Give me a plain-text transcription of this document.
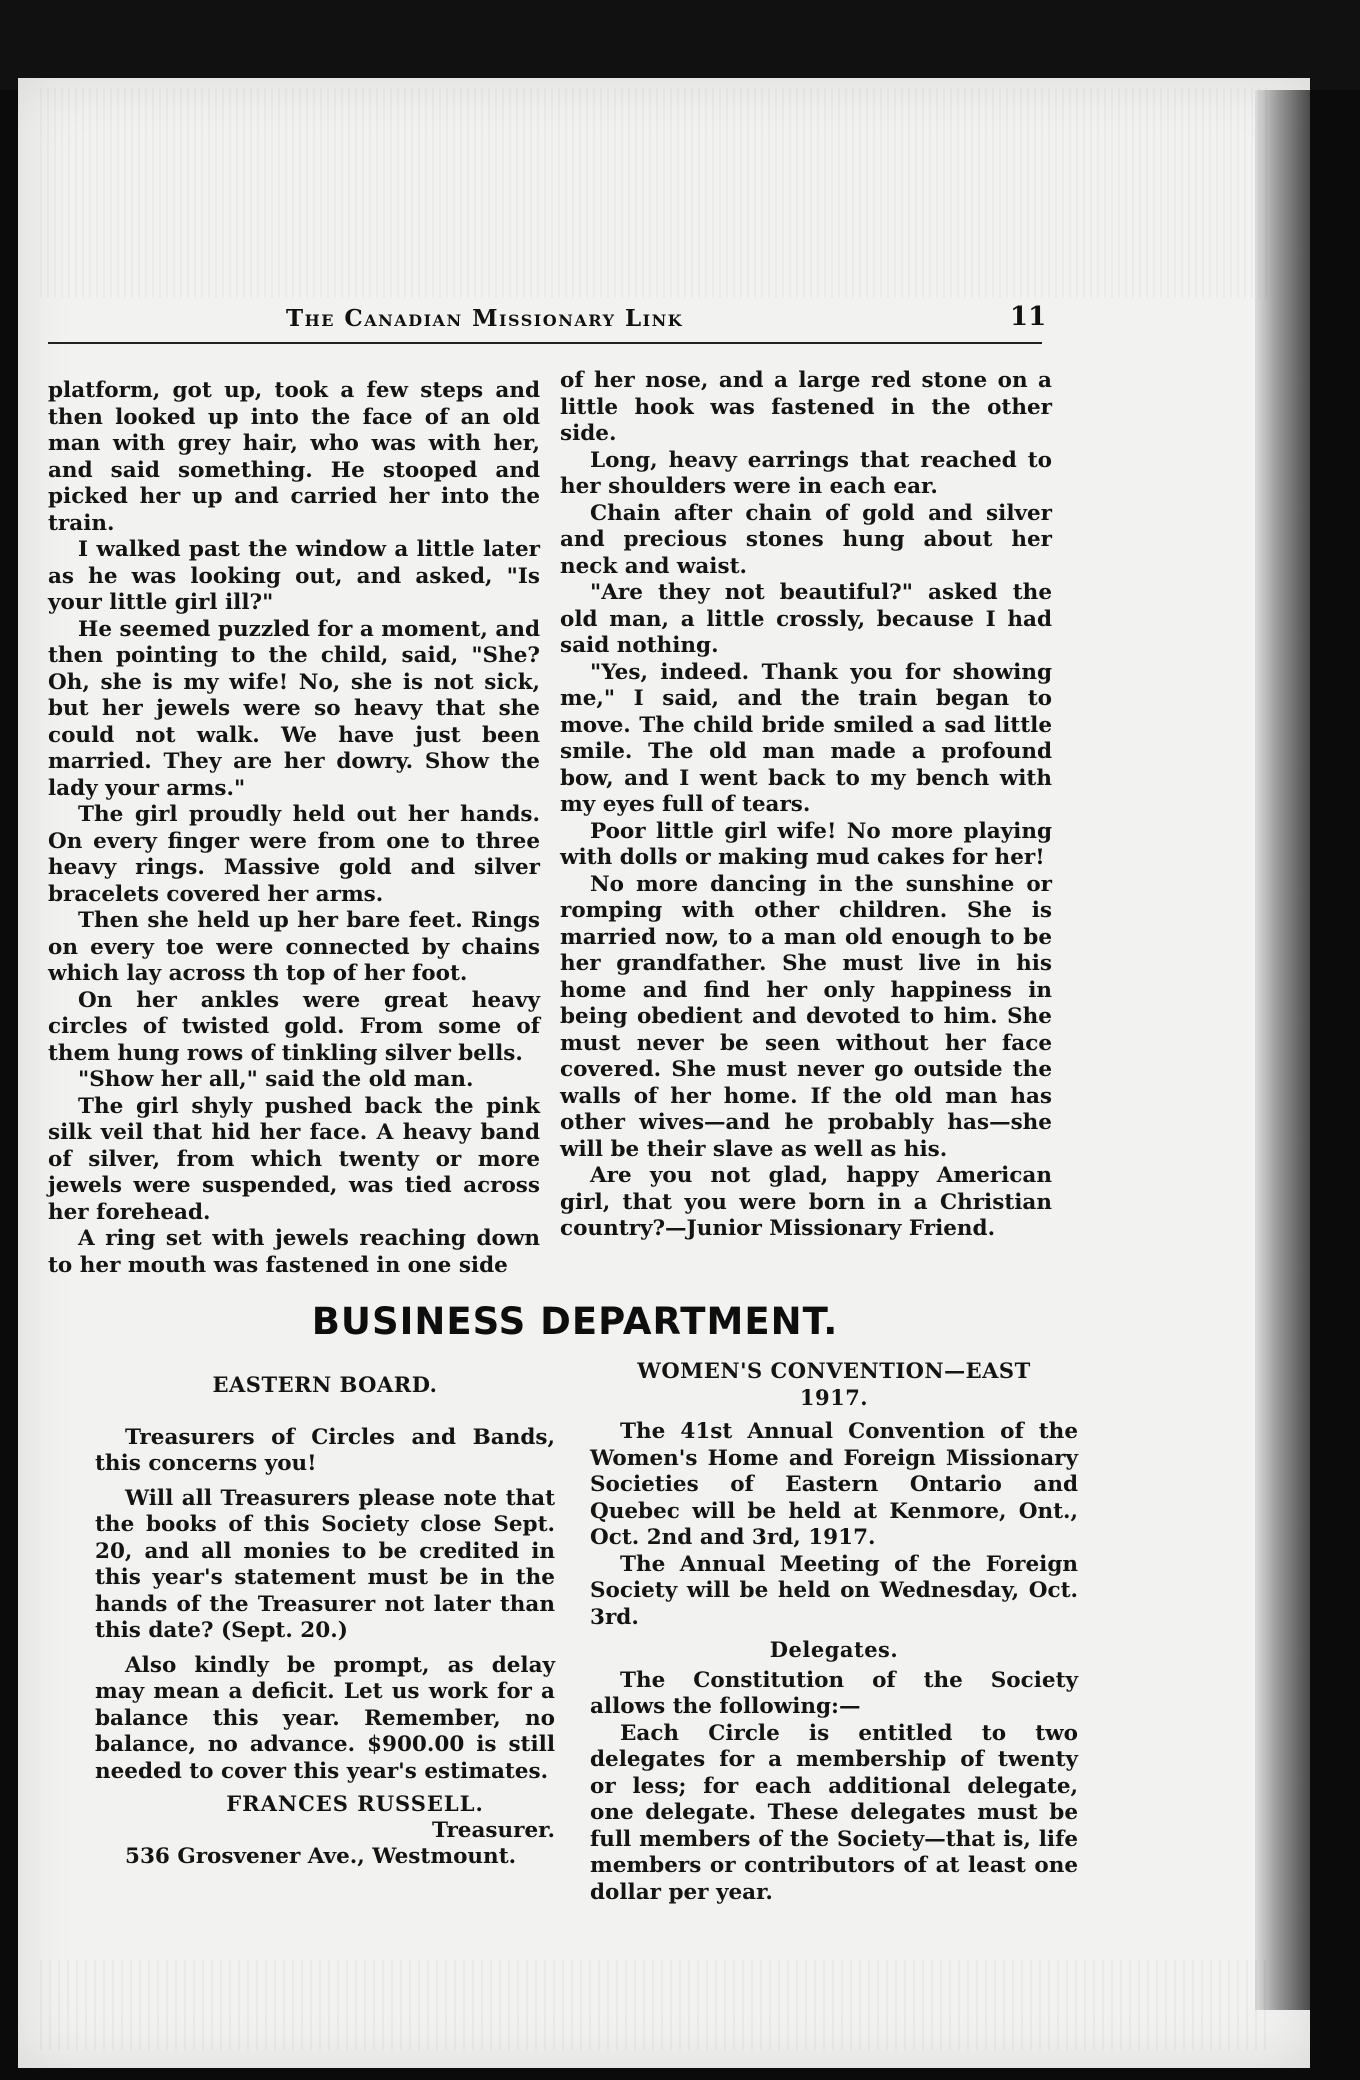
The Canadian Missionary Link	11

platform, got up, took a few steps and then looked up into the face of an old man with grey hair, who was with her, and said something. He stooped and picked her up and carried her into the train.

I walked past the window a little later as he was looking out, and asked, "Is your little girl ill?"

He seemed puzzled for a moment, and then pointing to the child, said, "She? Oh, she is my wife! No, she is not sick, but her jewels were so heavy that she could not walk. We have just been married. They are her dowry. Show the lady your arms."

The girl proudly held out her hands. On every finger were from one to three heavy rings. Massive gold and silver bracelets covered her arms.

Then she held up her bare feet. Rings on every toe were connected by chains which lay across th top of her foot.

On her ankles were great heavy circles of twisted gold. From some of them hung rows of tinkling silver bells.

"Show her all," said the old man.

The girl shyly pushed back the pink silk veil that hid her face. A heavy band of silver, from which twenty or more jewels were suspended, was tied across her forehead.

A ring set with jewels reaching down to her mouth was fastened in one side

of her nose, and a large red stone on a little hook was fastened in the other side.

Long, heavy earrings that reached to her shoulders were in each ear.

Chain after chain of gold and silver and precious stones hung about her neck and waist.

"Are they not beautiful?" asked the old man, a little crossly, because I had said nothing.

"Yes, indeed. Thank you for showing me," I said, and the train began to move. The child bride smiled a sad little smile. The old man made a profound bow, and I went back to my bench with my eyes full of tears.

Poor little girl wife! No more playing with dolls or making mud cakes for her!

No more dancing in the sunshine or romping with other children. She is married now, to a man old enough to be her grandfather. She must live in his home and find her only happiness in being obedient and devoted to him. She must never be seen without her face covered. She must never go outside the walls of her home. If the old man has other wives—and he probably has—she will be their slave as well as his.

Are you not glad, happy American girl, that you were born in a Christian country?—Junior Missionary Friend.

BUSINESS DEPARTMENT.
EASTERN BOARD.

Treasurers of Circles and Bands, this concerns you!

Will all Treasurers please note that the books of this Society close Sept. 20, and all monies to be credited in this year's statement must be in the hands of the Treasurer not later than this date? (Sept. 20.)

Also kindly be prompt, as delay may mean a deficit. Let us work for a balance this year. Remember, no balance, no advance. $900.00 is still needed to cover this year's estimates.

FRANCES RUSSELL.
Treasurer.

536 Grosvener Ave., Westmount.

WOMEN'S CONVENTION—EAST 1917.

The 41st Annual Convention of the Women's Home and Foreign Missionary Societies of Eastern Ontario and Quebec will be held at Kenmore, Ont., Oct. 2nd and 3rd, 1917.

The Annual Meeting of the Foreign Society will be held on Wednesday, Oct. 3rd.

Delegates.

The Constitution of the Society allows the following:—

Each Circle is entitled to two delegates for a membership of twenty or less; for each additional delegate, one delegate. These delegates must be full members of the Society—that is, life members or contributors of at least one dollar per year.
